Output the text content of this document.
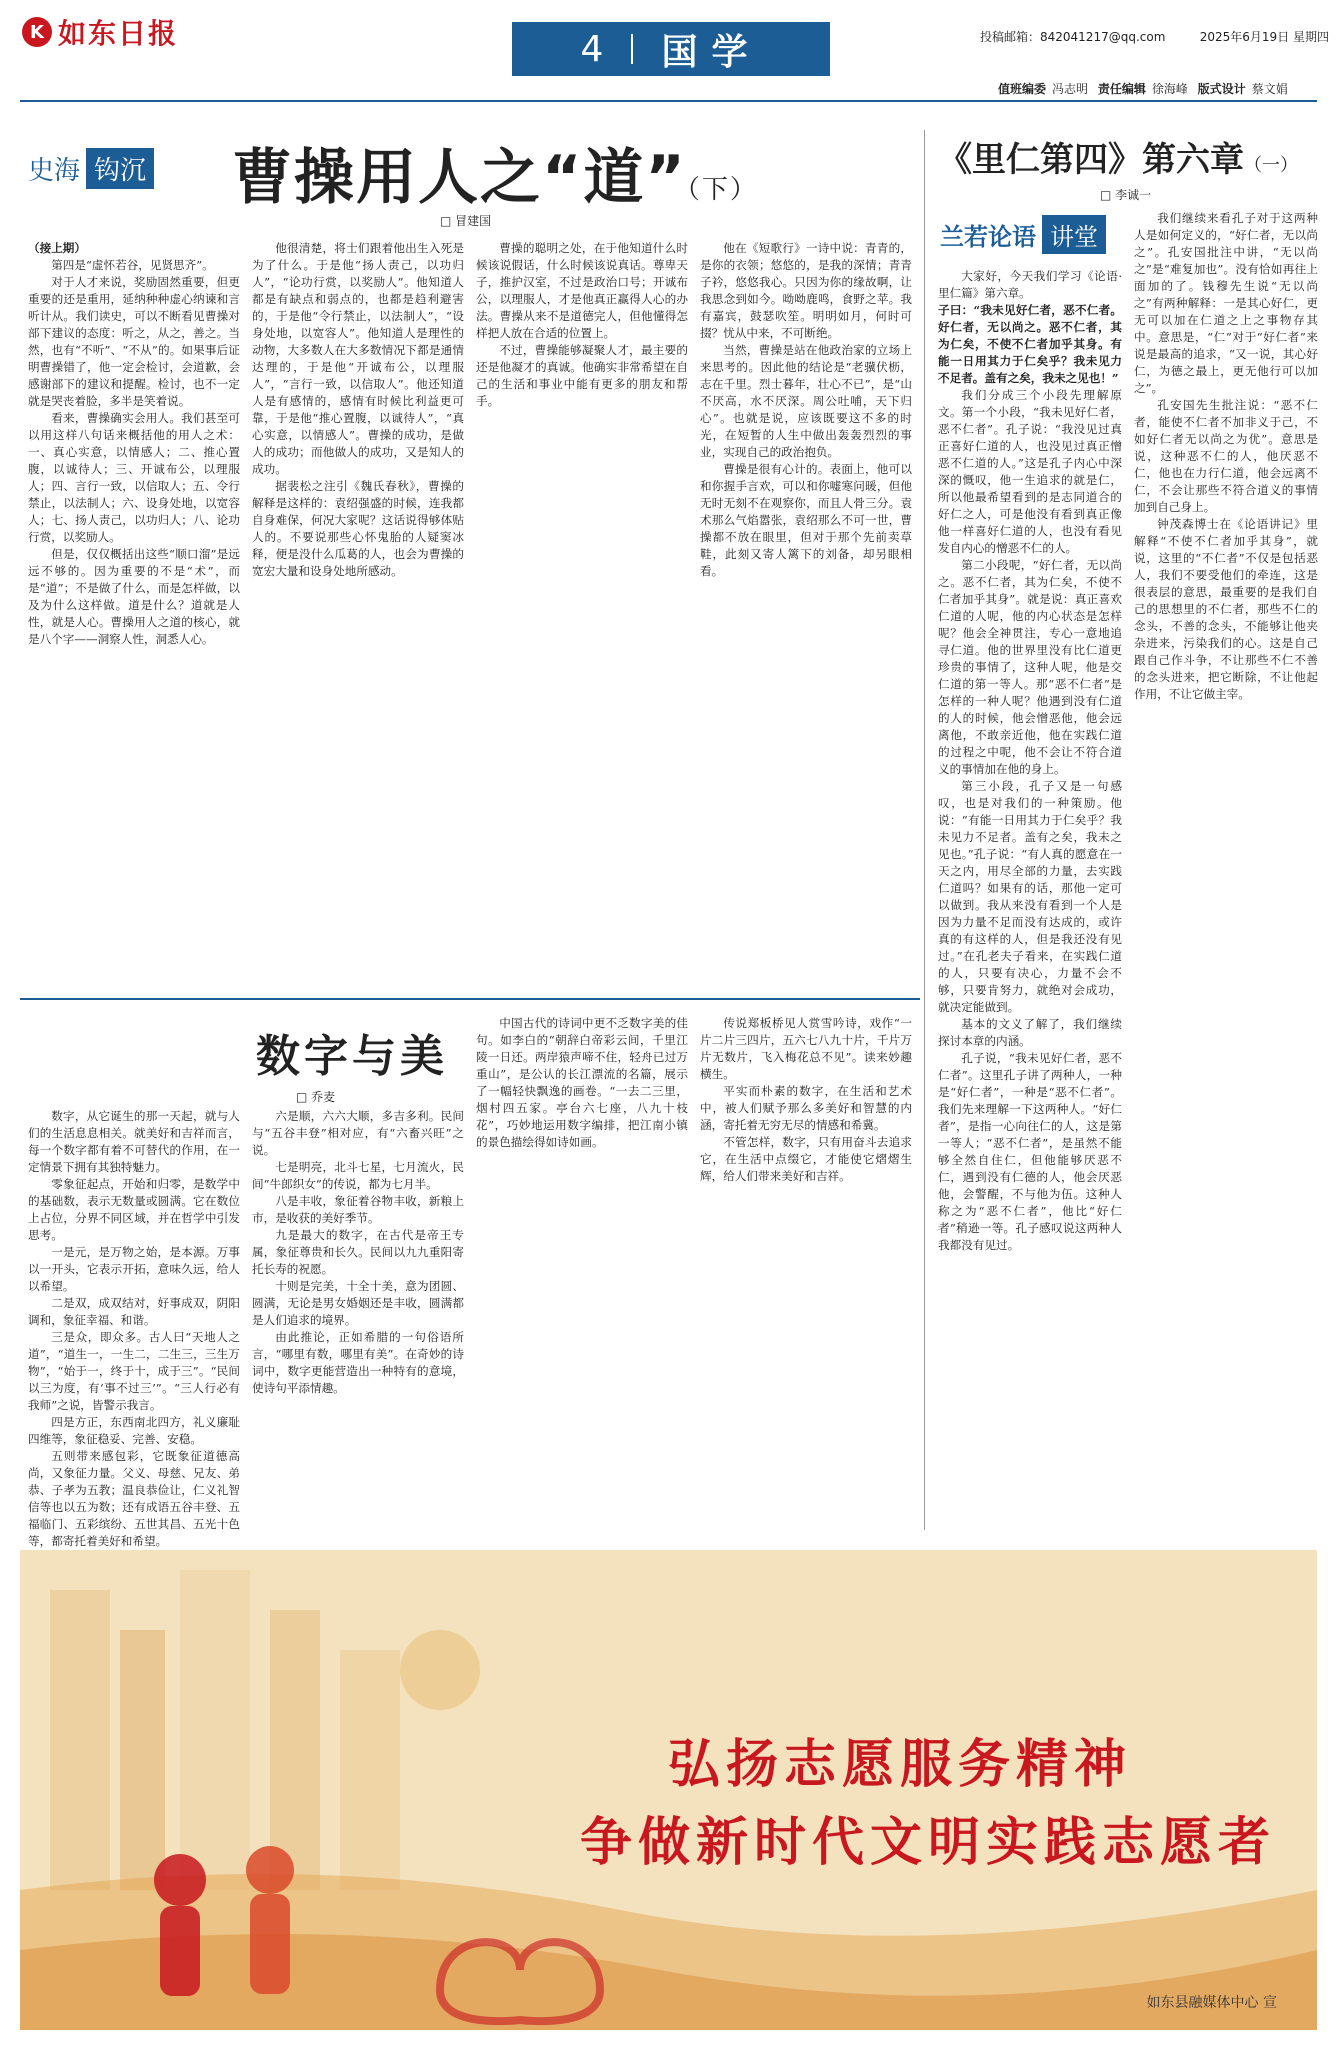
K 如东日报	4 国学	投稿邮箱：842041217@qq.com	2025年6月19日 星期四
值班编委 冯志明 责任编辑 徐海峰 版式设计 蔡文娟
史海 钩沉 曹操用人之“道”（下）
□ 冒建国

（接上期）

第四是“虚怀若谷，见贤思齐”。

对于人才来说，奖励固然重要，但更重要的还是重用，延纳种种虚心纳谏和言听计从。我们读史，可以不断看见曹操对部下建议的态度：听之，从之，善之。当然，也有“不听”、“不从”的。如果事后证明曹操错了，他一定会检讨，会道歉，会感谢部下的建议和提醒。检讨，也不一定就是哭丧着脸，多半是笑着说。

看来，曹操确实会用人。我们甚至可以用这样八句话来概括他的用人之术：一、真心实意，以情感人；二、推心置腹，以诚待人；三、开诚布公，以理服人；四、言行一致，以信取人；五、令行禁止，以法制人；六、设身处地，以宽容人；七、扬人责己，以功归人；八、论功行赏，以奖励人。

但是，仅仅概括出这些“顺口溜”是远远不够的。因为重要的不是“术”，而是“道”；不是做了什么，而是怎样做，以及为什么这样做。道是什么？道就是人性，就是人心。曹操用人之道的核心，就是八个字——洞察人性，洞悉人心。

他很清楚，将士们跟着他出生入死是为了什么。于是他“扬人责己，以功归人”，“论功行赏，以奖励人”。他知道人都是有缺点和弱点的，也都是趋利避害的，于是他“令行禁止，以法制人”，“设身处地，以宽容人”。他知道人是理性的动物，大多数人在大多数情况下都是通情达理的，于是他“开诚布公，以理服人”，“言行一致，以信取人”。他还知道人是有感情的，感情有时候比利益更可靠，于是他“推心置腹，以诚待人”，“真心实意，以情感人”。曹操的成功，是做人的成功；而他做人的成功，又是知人的成功。

据裴松之注引《魏氏春秋》，曹操的解释是这样的：袁绍强盛的时候，连我都自身难保，何况大家呢？这话说得够体贴人的。不要说那些心怀鬼胎的人疑窦冰释，便是没什么瓜葛的人，也会为曹操的宽宏大量和设身处地所感动。

曹操的聪明之处，在于他知道什么时候该说假话，什么时候该说真话。尊卑天子，推护汉室，不过是政治口号；开诚布公，以理服人，才是他真正赢得人心的办法。曹操从来不是道德完人，但他懂得怎样把人放在合适的位置上。

不过，曹操能够凝聚人才，最主要的还是他凝才的真诚。他确实非常希望在自己的生活和事业中能有更多的朋友和帮手。

他在《短歌行》一诗中说：青青的，是你的衣领；悠悠的，是我的深情；青青子衿，悠悠我心。只因为你的缘故啊，让我思念到如今。呦呦鹿鸣，食野之苹。我有嘉宾，鼓瑟吹笙。明明如月，何时可掇？忧从中来，不可断绝。

当然，曹操是站在他政治家的立场上来思考的。因此他的结论是“老骥伏枥，志在千里。烈士暮年，壮心不已”，是“山不厌高，水不厌深。周公吐哺，天下归心”。也就是说，应该既要这不多的时光，在短暂的人生中做出轰轰烈烈的事业，实现自己的政治抱负。

曹操是很有心计的。表面上，他可以和你握手言欢，可以和你嘘寒问暖，但他无时无刻不在观察你，而且人骨三分。袁术那么气焰嚣张，袁绍那么不可一世，曹操都不放在眼里，但对于那个先前卖草鞋，此刻又寄人篱下的刘备，却另眼相看。

数字与美
□ 乔麦

数字，从它诞生的那一天起，就与人们的生活息息相关。就美好和吉祥而言，每一个数字都有着不可替代的作用，在一定情景下拥有其独特魅力。

零象征起点，开始和归零，是数学中的基础数，表示无数量或圆满。它在数位上占位，分界不同区域，并在哲学中引发思考。

一是元，是万物之始，是本源。万事以一开头，它表示开拓，意味久远，给人以希望。

二是双，成双结对，好事成双，阴阳调和，象征幸福、和谐。

三是众，即众多。古人曰“天地人之道”，“道生一，一生二，二生三，三生万物”，“始于一，终于十，成于三”。“民间以三为度，有‘事不过三’”。“三人行必有我师”之说，皆警示我言。

四是方正，东西南北四方，礼义廉耻四维等，象征稳妥、完善、安稳。

五则带来感包彩，它既象征道德高尚，又象征力量。父义、母慈、兄友、弟恭、子孝为五教；温良恭俭让，仁义礼智信等也以五为数；还有成语五谷丰登、五福临门、五彩缤纷、五世其昌、五光十色等，都寄托着美好和希望。

六是顺，六六大顺，多吉多利。民间与“五谷丰登”相对应，有“六畜兴旺”之说。

七是明亮，北斗七星，七月流火，民间“牛郎织女”的传说，都为七月半。

八是丰收，象征着谷物丰收，新粮上市，是收获的美好季节。

九是最大的数字，在古代是帝王专属，象征尊贵和长久。民间以九九重阳寄托长寿的祝愿。

十则是完美，十全十美，意为团圆、圆满，无论是男女婚姻还是丰收，圆满都是人们追求的境界。

由此推论，正如希腊的一句俗语所言，“哪里有数，哪里有美”。在奇妙的诗词中，数字更能营造出一种特有的意境，使诗句平添情趣。

中国古代的诗词中更不乏数字美的佳句。如李白的“朝辞白帝彩云间，千里江陵一日还。两岸猿声啼不住，轻舟已过万重山”，是公认的长江漂流的名篇，展示了一幅轻快飘逸的画卷。“一去二三里，烟村四五家。亭台六七座，八九十枝花”，巧妙地运用数字编排，把江南小镇的景色描绘得如诗如画。

传说郑板桥见人赏雪吟诗，戏作“一片二片三四片，五六七八九十片，千片万片无数片，飞入梅花总不见”。读来妙趣横生。

平实而朴素的数字，在生活和艺术中，被人们赋予那么多美好和智慧的内涵，寄托着无穷无尽的情感和希冀。

不管怎样，数字，只有用奋斗去追求它，在生活中点缀它，才能使它熠熠生辉，给人们带来美好和吉祥。

《里仁第四》第六章（一）
□ 李诚一
兰若论语 讲堂

大家好，今天我们学习《论语·里仁篇》第六章。

子曰：“我未见好仁者，恶不仁者。好仁者，无以尚之。恶不仁者，其为仁矣，不使不仁者加乎其身。有能一日用其力于仁矣乎？我未见力不足者。盖有之矣，我未之见也！”

我们分成三个小段先理解原文。第一个小段，“我未见好仁者，恶不仁者”。孔子说：“我没见过真正喜好仁道的人，也没见过真正憎恶不仁道的人。”这是孔子内心中深深的慨叹，他一生追求的就是仁，所以他最希望看到的是志同道合的好仁之人，可是他没有看到真正像他一样喜好仁道的人，也没有看见发自内心的憎恶不仁的人。

第二小段呢，“好仁者，无以尚之。恶不仁者，其为仁矣，不使不仁者加乎其身”。就是说：真正喜欢仁道的人呢，他的内心状态是怎样呢？他会全神贯注，专心一意地追寻仁道。他的世界里没有比仁道更珍贵的事情了，这种人呢，他是交仁道的第一等人。那“恶不仁者”是怎样的一种人呢？他遇到没有仁道的人的时候，他会憎恶他，他会远离他，不敢亲近他，他在实践仁道的过程之中呢，他不会让不符合道义的事情加在他的身上。

第三小段，孔子又是一句感叹，也是对我们的一种策励。他说：“有能一日用其力于仁矣乎？我未见力不足者。盖有之矣，我未之见也。”孔子说：“有人真的愿意在一天之内，用尽全部的力量，去实践仁道吗？如果有的话，那他一定可以做到。我从来没有看到一个人是因为力量不足而没有达成的，或许真的有这样的人，但是我还没有见过。”在孔老夫子看来，在实践仁道的人，只要有决心，力量不会不够，只要肯努力，就绝对会成功，就决定能做到。

基本的文义了解了，我们继续探讨本章的内涵。

孔子说，“我未见好仁者，恶不仁者”。这里孔子讲了两种人，一种是“好仁者”，一种是“恶不仁者”。我们先来理解一下这两种人。“好仁者”，是指一心向往仁的人，这是第一等人；“恶不仁者”，是虽然不能够全然自住仁，但他能够厌恶不仁，遇到没有仁德的人，他会厌恶他，会警醒，不与他为伍。这种人称之为“恶不仁者”，他比“好仁者”稍逊一等。孔子感叹说这两种人我都没有见过。

我们继续来看孔子对于这两种人是如何定义的，“好仁者，无以尚之”。孔安国批注中讲，“无以尚之”是“难复加也”。没有恰如再往上面加的了。钱穆先生说“无以尚之”有两种解释：一是其心好仁，更无可以加在仁道之上之事物存其中。意思是，“仁”对于“好仁者”来说是最高的追求，“又一说，其心好仁，为德之最上，更无他行可以加之”。

孔安国先生批注说：“恶不仁者，能使不仁者不加非义于己，不如好仁者无以尚之为优”。意思是说，这种恶不仁的人，他厌恶不仁，他也在力行仁道，他会远离不仁，不会让那些不符合道义的事情加到自己身上。

钟茂森博士在《论语讲记》里解释“不使不仁者加乎其身”，就说，这里的“不仁者”不仅是包括恶人，我们不要受他们的牵连，这是很表层的意思，最重要的是我们自己的思想里的不仁者，那些不仁的念头，不善的念头，不能够让他夹杂进来，污染我们的心。这是自己跟自己作斗争，不让那些不仁不善的念头进来，把它断除，不让他起作用，不让它做主宰。

弘扬志愿服务精神
争做新时代文明实践志愿者
如东县融媒体中心 宣
